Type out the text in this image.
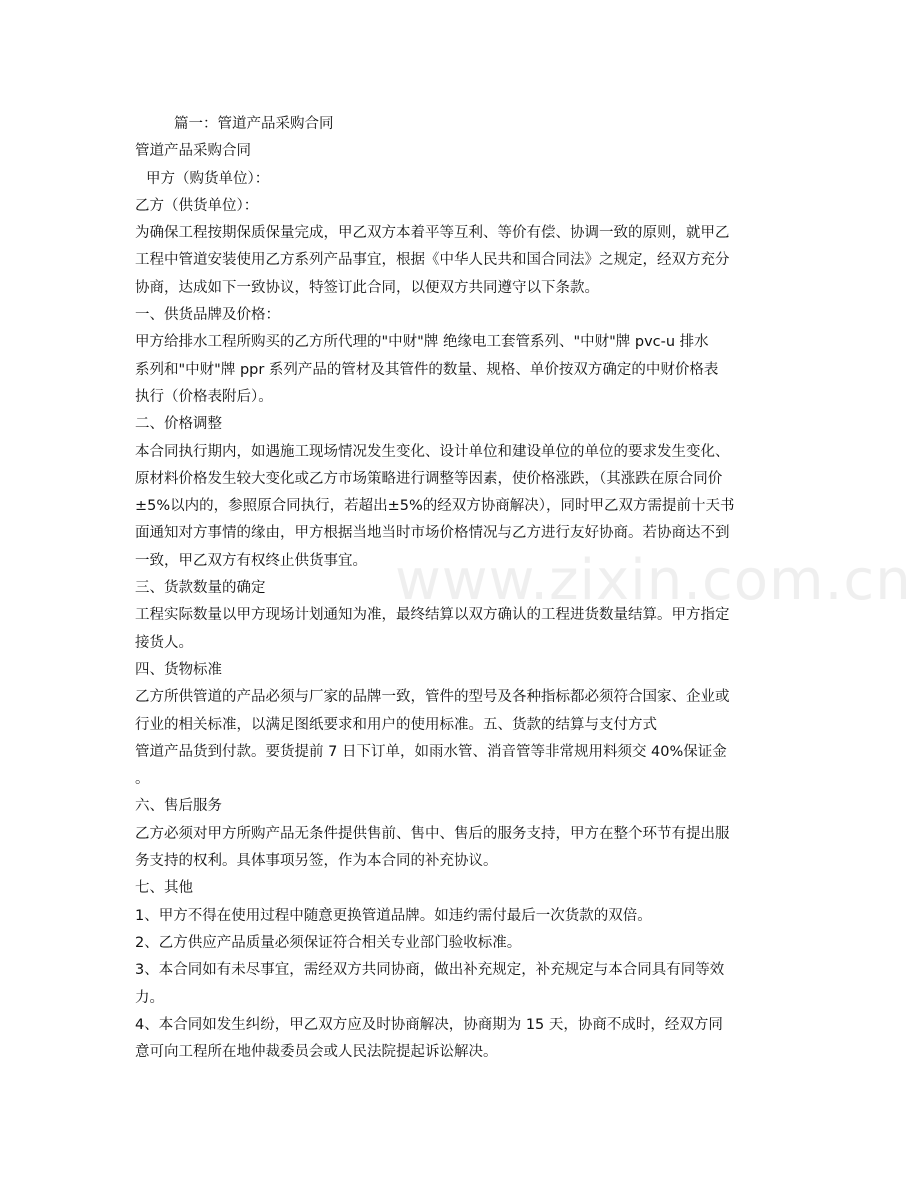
www.zixin.com.cn
篇一：管道产品采购合同
管道产品采购合同
甲方（购货单位）：
乙方（供货单位）：
为确保工程按期保质保量完成，甲乙双方本着平等互利、等价有偿、协调一致的原则，就甲乙
工程中管道安装使用乙方系列产品事宜，根据《中华人民共和国合同法》之规定，经双方充分
协商，达成如下一致协议，特签订此合同，以便双方共同遵守以下条款。
一、供货品牌及价格：
甲方给排水工程所购买的乙方所代理的"中财"牌 绝缘电工套管系列、"中财"牌 pvc-u 排水
系列和"中财"牌 ppr 系列产品的管材及其管件的数量、规格、单价按双方确定的中财价格表
执行（价格表附后）。
二、价格调整
本合同执行期内，如遇施工现场情况发生变化、设计单位和建设单位的单位的要求发生变化、
原材料价格发生较大变化或乙方市场策略进行调整等因素，使价格涨跌，（其涨跌在原合同价
±5%以内的，参照原合同执行，若超出±5%的经双方协商解决），同时甲乙双方需提前十天书
面通知对方事情的缘由，甲方根据当地当时市场价格情况与乙方进行友好协商。若协商达不到
一致，甲乙双方有权终止供货事宜。
三、货款数量的确定
工程实际数量以甲方现场计划通知为准，最终结算以双方确认的工程进货数量结算。甲方指定
接货人。
四、货物标准
乙方所供管道的产品必须与厂家的品牌一致，管件的型号及各种指标都必须符合国家、企业或
行业的相关标准，以满足图纸要求和用户的使用标准。五、货款的结算与支付方式
管道产品货到付款。要货提前 7 日下订单，如雨水管、消音管等非常规用料须交 40%保证金
。
六、售后服务
乙方必须对甲方所购产品无条件提供售前、售中、售后的服务支持，甲方在整个环节有提出服
务支持的权利。具体事项另签，作为本合同的补充协议。
七、其他
1、甲方不得在使用过程中随意更换管道品牌。如违约需付最后一次货款的双倍。
2、乙方供应产品质量必须保证符合相关专业部门验收标准。
3、本合同如有未尽事宜，需经双方共同协商，做出补充规定，补充规定与本合同具有同等效
力。
4、本合同如发生纠纷，甲乙双方应及时协商解决，协商期为 15 天，协商不成时，经双方同
意可向工程所在地仲裁委员会或人民法院提起诉讼解决。
